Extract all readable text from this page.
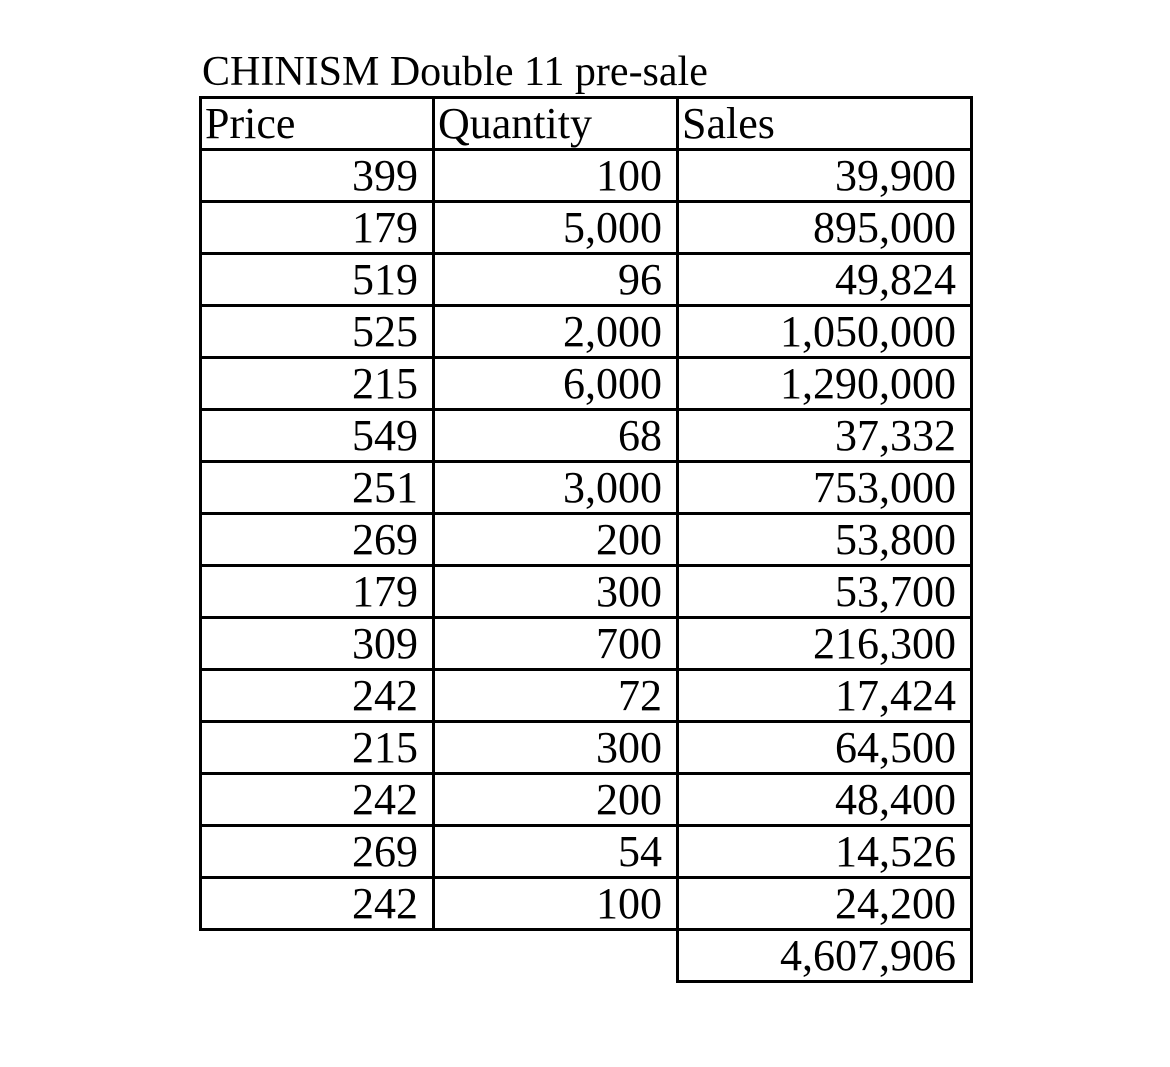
CHINISM Double 11 pre-sale
Price	Quantity	Sales
399	100	39,900
179	5,000	895,000
519	96	49,824
525	2,000	1,050,000
215	6,000	1,290,000
549	68	37,332
251	3,000	753,000
269	200	53,800
179	300	53,700
309	700	216,300
242	72	17,424
215	300	64,500
242	200	48,400
269	54	14,526
242	100	24,200
		4,607,906
